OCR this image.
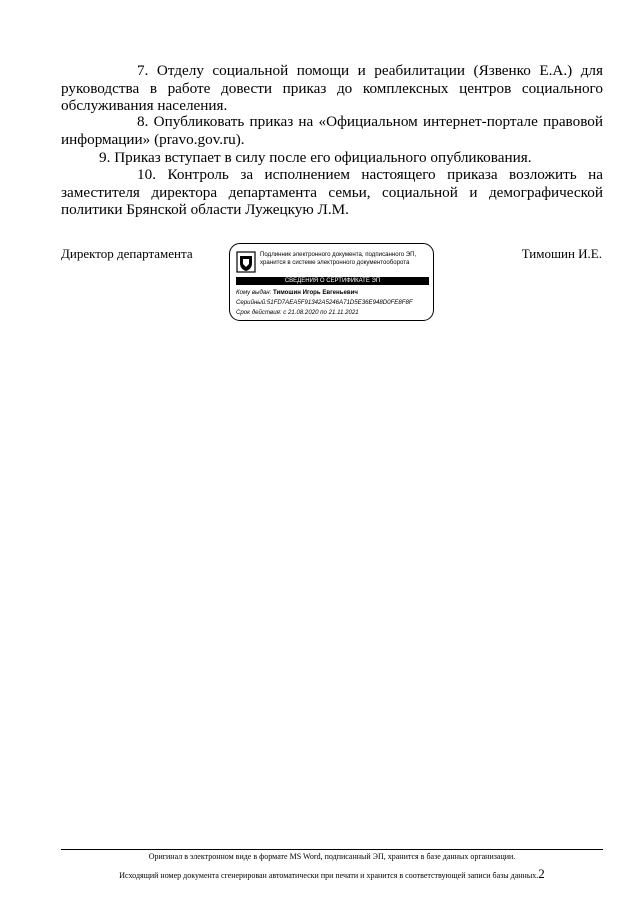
7. Отделу социальной помощи и реабилитации (Язвенко Е.А.) для руководства в работе довести приказ до комплексных центров социального обслуживания населения.
8. Опубликовать приказ на «Официальном интернет-портале правовой информации» (pravo.gov.ru).
9. Приказ вступает в силу после его официального опубликования.
10. Контроль за исполнением настоящего приказа возложить на заместителя директора департамента семьи, социальной и демографической политики Брянской области Лужецкую Л.М.
Директор департамента	Тимошин И.Е.
Подлинник электронного документа, подписанного ЭП, хранится в системе электронного документооборота
СВЕДЕНИЯ О СЕРТИФИКАТЕ ЭП
Кому выдан: Тимошин Игорь Евгеньевич
Серийный:51FD7AEA5F91342A5246A71D5E36E948D0FE8F8F
Срок действия: с 21.08.2020 по 21.11.2021
Оригинал в электронном виде в формате MS Word, подписанный ЭП, хранится в базе данных организации.
Исходящий номер документа сгенерирован автоматически при печати и хранится в соответствующей записи базы данных.2
